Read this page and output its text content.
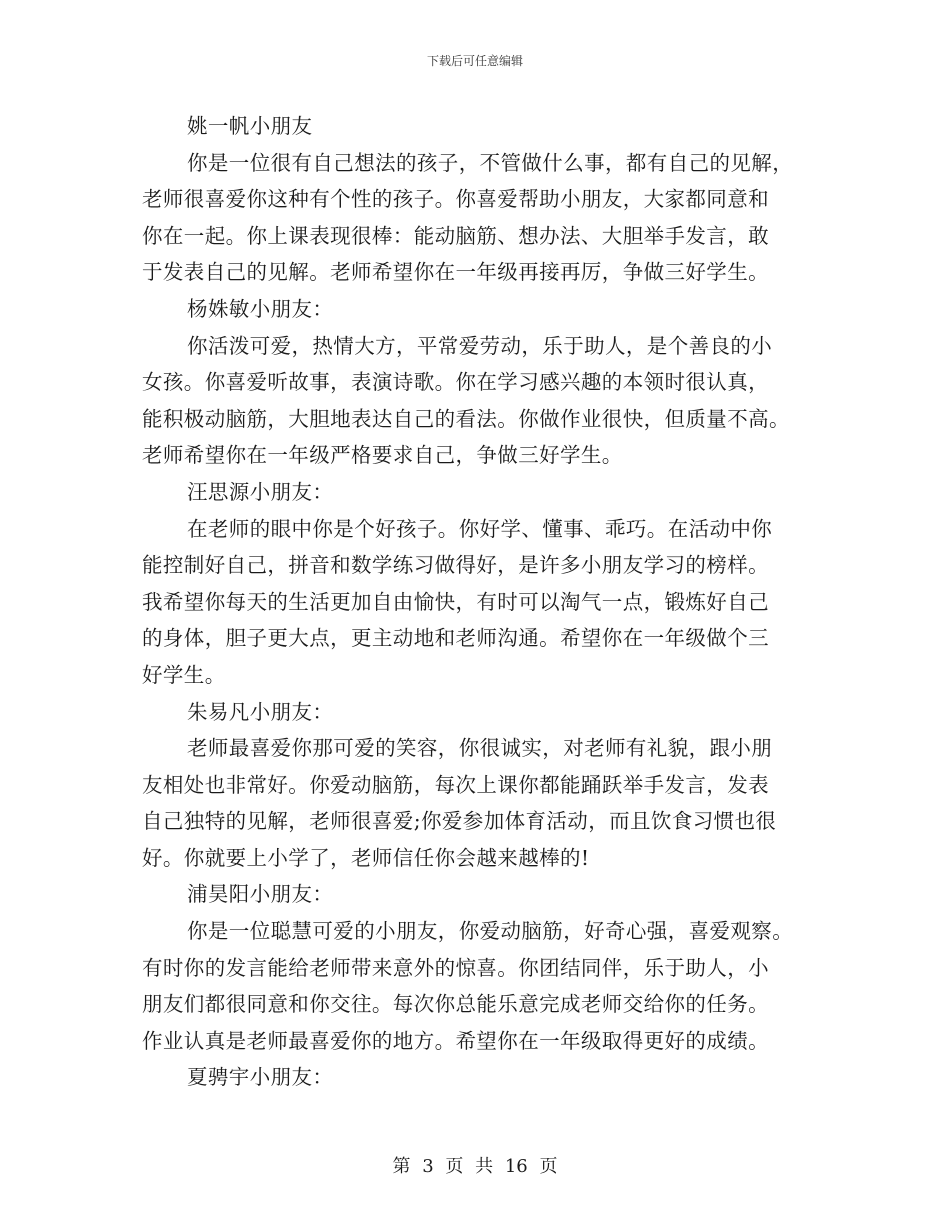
下载后可任意编辑
姚一帆小朋友
你是一位很有自己想法的孩子，不管做什么事，都有自己的见解，
老师很喜爱你这种有个性的孩子。你喜爱帮助小朋友，大家都同意和
你在一起。你上课表现很棒：能动脑筋、想办法、大胆举手发言，敢
于发表自己的见解。老师希望你在一年级再接再厉，争做三好学生。
杨姝敏小朋友：
你活泼可爱，热情大方，平常爱劳动，乐于助人，是个善良的小
女孩。你喜爱听故事，表演诗歌。你在学习感兴趣的本领时很认真，
能积极动脑筋，大胆地表达自己的看法。你做作业很快，但质量不高。
老师希望你在一年级严格要求自己，争做三好学生。
汪思源小朋友：
在老师的眼中你是个好孩子。你好学、懂事、乖巧。在活动中你
能控制好自己，拼音和数学练习做得好，是许多小朋友学习的榜样。
我希望你每天的生活更加自由愉快，有时可以淘气一点，锻炼好自己
的身体，胆子更大点，更主动地和老师沟通。希望你在一年级做个三
好学生。
朱易凡小朋友：
老师最喜爱你那可爱的笑容，你很诚实，对老师有礼貌，跟小朋
友相处也非常好。你爱动脑筋，每次上课你都能踊跃举手发言，发表
自己独特的见解，老师很喜爱;你爱参加体育活动，而且饮食习惯也很
好。你就要上小学了，老师信任你会越来越棒的!
浦昊阳小朋友：
你是一位聪慧可爱的小朋友，你爱动脑筋，好奇心强，喜爱观察。
有时你的发言能给老师带来意外的惊喜。你团结同伴，乐于助人，小
朋友们都很同意和你交往。每次你总能乐意完成老师交给你的任务。
作业认真是老师最喜爱你的地方。希望你在一年级取得更好的成绩。
夏骋宇小朋友：
第 3 页 共 16 页
